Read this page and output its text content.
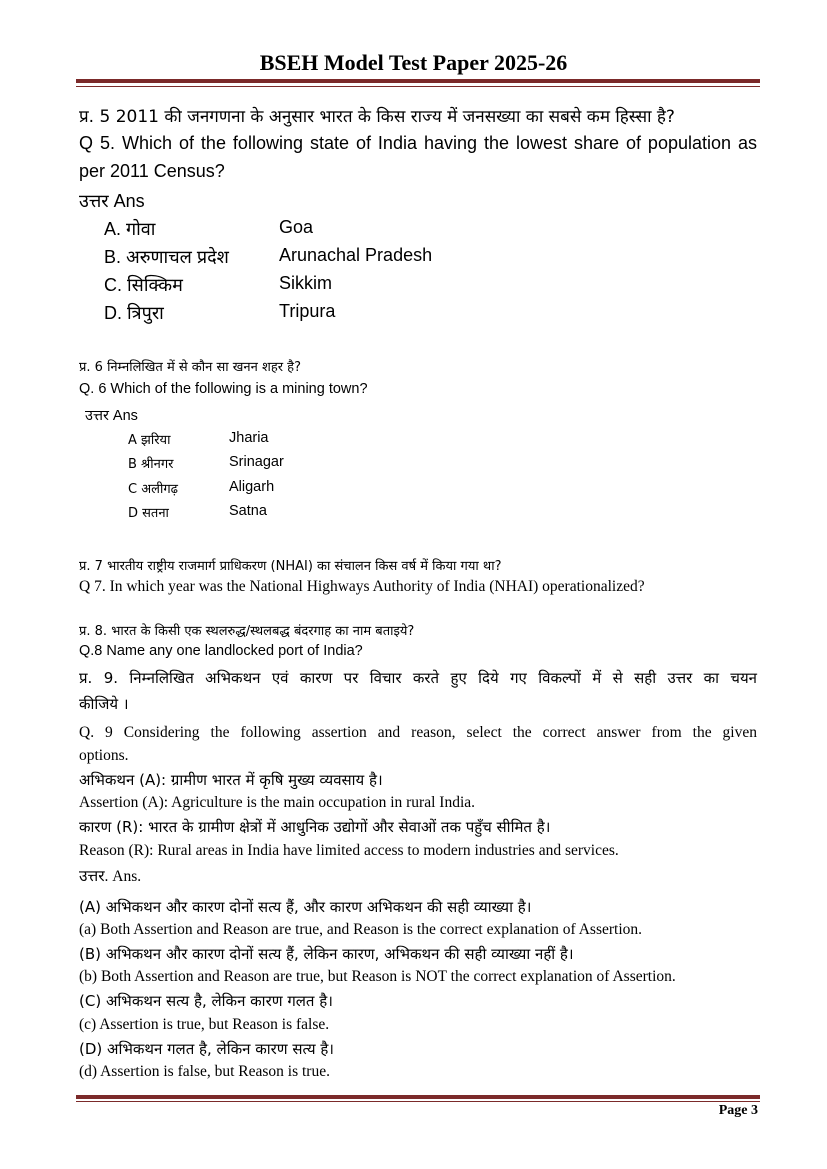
BSEH Model Test Paper 2025-26
प्र. 5 2011 की जनगणना के अनुसार भारत के किस राज्य में जनसख्या का सबसे कम हिस्सा है?
Q 5. Which of the following state of India having the lowest share of population as
per 2011 Census?
उत्तर Ans
A. गोवा	Goa
B. अरुणाचल प्रदेश	Arunachal Pradesh
C. सिक्किम	Sikkim
D. त्रिपुरा	Tripura
प्र. 6 निम्नलिखित में से कौन सा खनन शहर है?
Q. 6 Which of the following is a mining town?
उत्तर Ans
A झरिया	Jharia
B श्रीनगर	Srinagar
C अलीगढ़	Aligarh
D सतना	Satna
प्र. 7 भारतीय राष्ट्रीय राजमार्ग प्राधिकरण (NHAI) का संचालन किस वर्ष में किया गया था?
Q 7. In which year was the National Highways Authority of India (NHAI) operationalized?
प्र. 8. भारत के किसी एक स्थलरुद्ध/स्थलबद्ध बंदरगाह का नाम बताइये?
Q.8 Name any one landlocked port of India?
प्र. 9. निम्नलिखित अभिकथन एवं कारण पर विचार करते हुए दिये गए विकल्पों में से सही उत्तर का चयन
कीजिये ।
Q. 9 Considering the following assertion and reason, select the correct answer from the given
options.
अभिकथन (A): ग्रामीण भारत में कृषि मुख्य व्यवसाय है।
Assertion (A): Agriculture is the main occupation in rural India.
कारण (R): भारत के ग्रामीण क्षेत्रों में आधुनिक उद्योगों और सेवाओं तक पहुँच सीमित है।
Reason (R): Rural areas in India have limited access to modern industries and services.
उत्तर. Ans.
(A) अभिकथन और कारण दोनों सत्य हैं, और कारण अभिकथन की सही व्याख्या है।
(a) Both Assertion and Reason are true, and Reason is the correct explanation of Assertion.
(B) अभिकथन और कारण दोनों सत्य हैं, लेकिन कारण, अभिकथन की सही व्याख्या नहीं है।
(b) Both Assertion and Reason are true, but Reason is NOT the correct explanation of Assertion.
(C) अभिकथन सत्य है, लेकिन कारण गलत है।
(c) Assertion is true, but Reason is false.
(D) अभिकथन गलत है, लेकिन कारण सत्य है।
(d) Assertion is false, but Reason is true.
Page 3
